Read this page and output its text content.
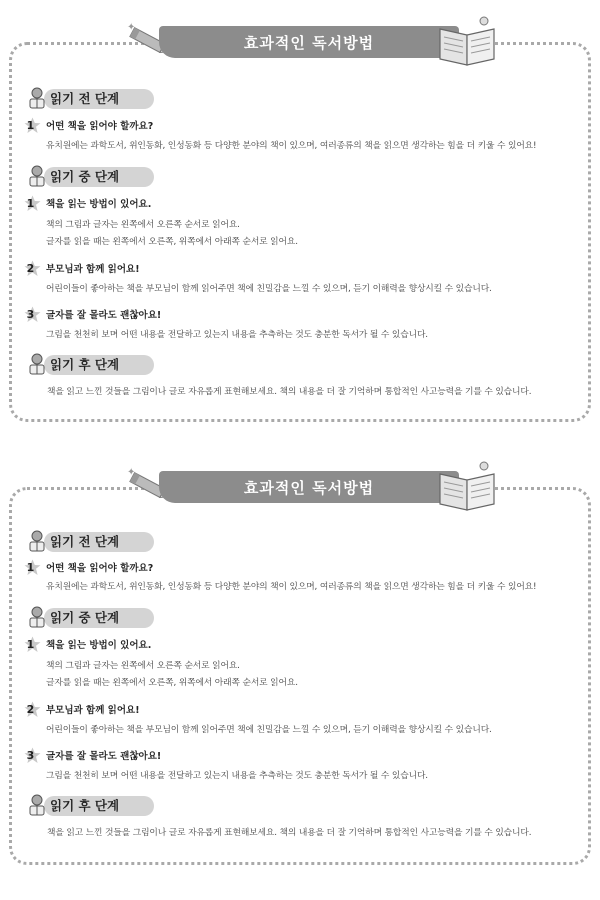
✦
효과적인 독서방법
읽기 전 단계
1 어떤 책을 읽어야 할까요?
유치원에는 과학도서, 위인동화, 인성동화 등 다양한 분야의 책이 있으며, 여러종류의 책을 읽으면 생각하는 힘을 더 키울 수 있어요!
읽기 중 단계
1 책을 읽는 방법이 있어요.
책의 그림과 글자는 왼쪽에서 오른쪽 순서로 읽어요.
글자를 읽을 때는 왼쪽에서 오른쪽, 위쪽에서 아래쪽 순서로 읽어요.
2 부모님과 함께 읽어요!
어린이들이 좋아하는 책을 부모님이 함께 읽어주면 책에 친밀감을 느낄 수 있으며, 듣기 이해력을 향상시킬 수 있습니다.
3 글자를 잘 몰라도 괜찮아요!
그림을 천천히 보며 어떤 내용을 전달하고 있는지 내용을 추측하는 것도 충분한 독서가 될 수 있습니다.
읽기 후 단계
책을 읽고 느낀 것들을 그림이나 글로 자유롭게 표현해보세요. 책의 내용을 더 잘 기억하며 통합적인 사고능력을 기를 수 있습니다.
✦
효과적인 독서방법
읽기 전 단계
1 어떤 책을 읽어야 할까요?
유치원에는 과학도서, 위인동화, 인성동화 등 다양한 분야의 책이 있으며, 여러종류의 책을 읽으면 생각하는 힘을 더 키울 수 있어요!
읽기 중 단계
1 책을 읽는 방법이 있어요.
책의 그림과 글자는 왼쪽에서 오른쪽 순서로 읽어요.
글자를 읽을 때는 왼쪽에서 오른쪽, 위쪽에서 아래쪽 순서로 읽어요.
2 부모님과 함께 읽어요!
어린이들이 좋아하는 책을 부모님이 함께 읽어주면 책에 친밀감을 느낄 수 있으며, 듣기 이해력을 향상시킬 수 있습니다.
3 글자를 잘 몰라도 괜찮아요!
그림을 천천히 보며 어떤 내용을 전달하고 있는지 내용을 추측하는 것도 충분한 독서가 될 수 있습니다.
읽기 후 단계
책을 읽고 느낀 것들을 그림이나 글로 자유롭게 표현해보세요. 책의 내용을 더 잘 기억하며 통합적인 사고능력을 기를 수 있습니다.
